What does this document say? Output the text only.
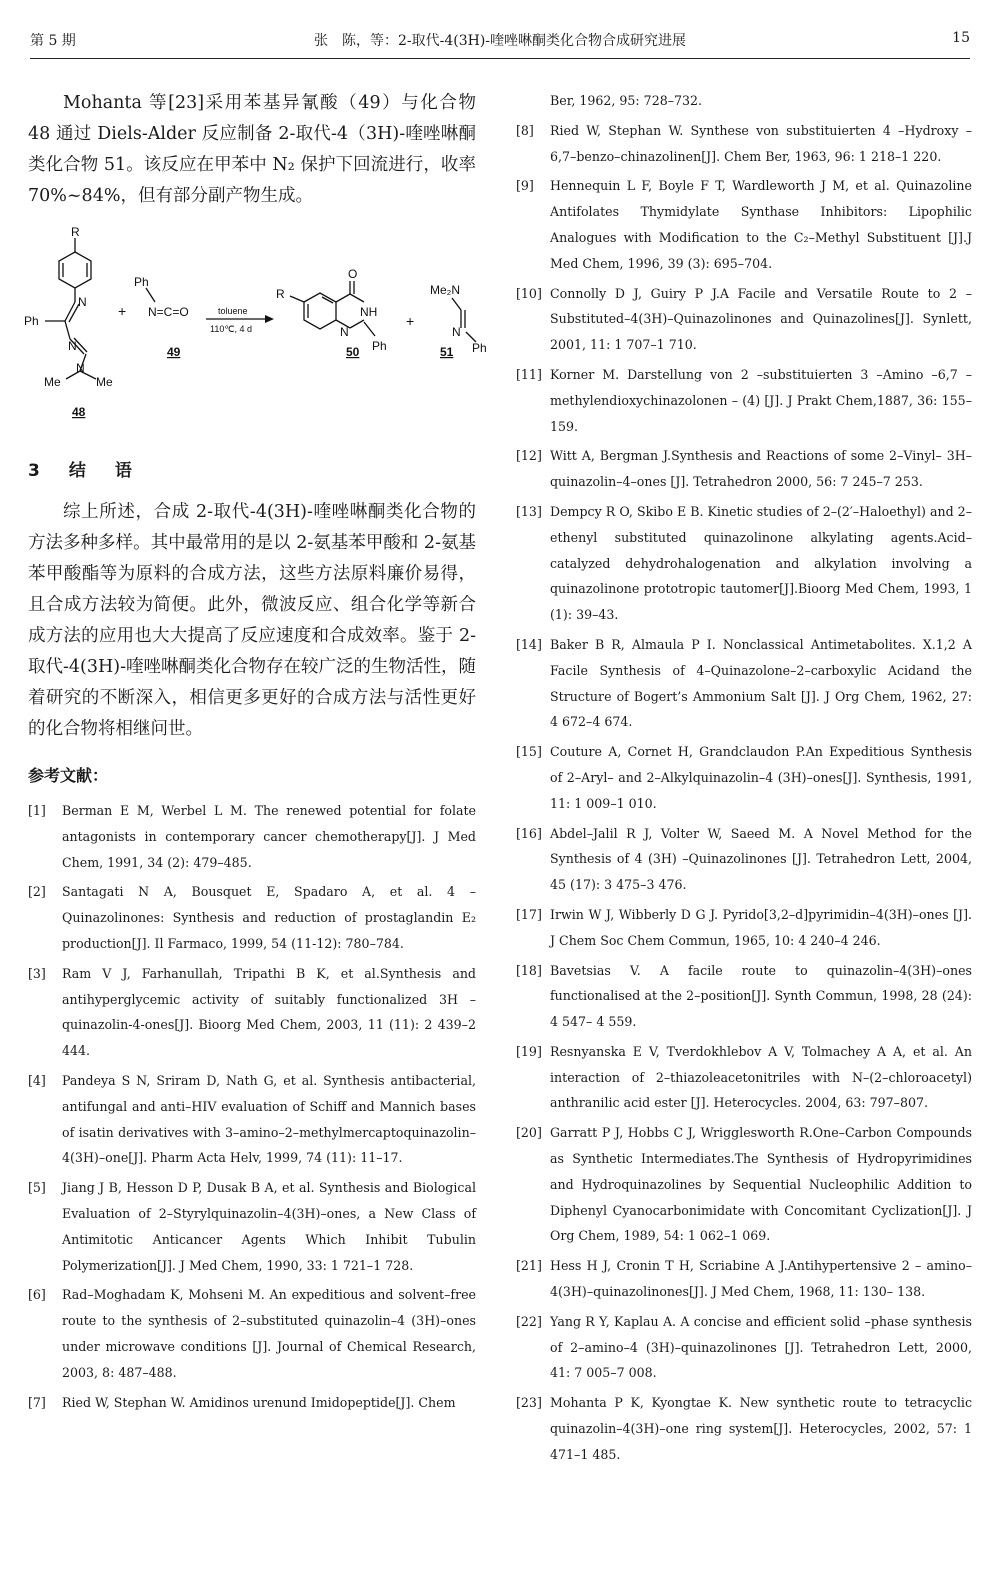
第 5 期	张　陈，等：2-取代-4(3H)-喹唑啉酮类化合物合成研究进展	15

Mohanta 等[23]采用苯基异氰酸（49）与化合物 48 通过 Diels-Alder 反应制备 2-取代-4（3H)-喹唑啉酮类化合物 51。该反应在甲苯中 N₂ 保护下回流进行，收率 70%~84%，但有部分副产物生成。

R
N
Ph
N
N
Me	Me
48
+
Ph
N=C=O
49
toluene
110℃, 4 d
O
NH
N
R
Ph
50
+
Me₂N
N
Ph
51
3　结　语

综上所述，合成 2-取代-4(3H)-喹唑啉酮类化合物的方法多种多样。其中最常用的是以 2-氨基苯甲酸和 2-氨基苯甲酸酯等为原料的合成方法，这些方法原料廉价易得，且合成方法较为简便。此外，微波反应、组合化学等新合成方法的应用也大大提高了反应速度和合成效率。鉴于 2-取代-4(3H)-喹唑啉酮类化合物存在较广泛的生物活性，随着研究的不断深入，相信更多更好的合成方法与活性更好的化合物将相继问世。

参考文献：
[1] Berman E M, Werbel L M. The renewed potential for folate antagonists in contemporary cancer chemotherapy[J]. J Med Chem, 1991, 34 (2): 479–485.
[2] Santagati N A, Bousquet E, Spadaro A, et al. 4 – Quinazolinones: Synthesis and reduction of prostaglandin E₂ production[J]. Il Farmaco, 1999, 54 (11-12): 780–784.
[3] Ram V J, Farhanullah, Tripathi B K, et al.Synthesis and antihyperglycemic activity of suitably functionalized 3H – quinazolin-4-ones[J]. Bioorg Med Chem, 2003, 11 (11): 2 439–2 444.
[4] Pandeya S N, Sriram D, Nath G, et al. Synthesis antibacterial, antifungal and anti–HIV evaluation of Schiff and Mannich bases of isatin derivatives with 3–amino–2–methylmercaptoquinazolin–4(3H)–one[J]. Pharm Acta Helv, 1999, 74 (11): 11–17.
[5] Jiang J B, Hesson D P, Dusak B A, et al. Synthesis and Biological Evaluation of 2–Styrylquinazolin–4(3H)–ones, a New Class of Antimitotic Anticancer Agents Which Inhibit Tubulin Polymerization[J]. J Med Chem, 1990, 33: 1 721–1 728.
[6] Rad–Moghadam K, Mohseni M. An expeditious and solvent–free route to the synthesis of 2–substituted quinazolin–4 (3H)–ones under microwave conditions [J]. Journal of Chemical Research, 2003, 8: 487–488.
[7] Ried W, Stephan W. Amidinos urenund Imidopeptide[J]. Chem
Ber, 1962, 95: 728–732.
[8] Ried W, Stephan W. Synthese von substituierten 4 –Hydroxy – 6,7–benzo–chinazolinen[J]. Chem Ber, 1963, 96: 1 218–1 220.
[9] Hennequin L F, Boyle F T, Wardleworth J M, et al. Quinazoline Antifolates Thymidylate Synthase Inhibitors: Lipophilic Analogues with Modification to the C₂–Methyl Substituent [J].J Med Chem, 1996, 39 (3): 695–704.
[10] Connolly D J, Guiry P J.A Facile and Versatile Route to 2 – Substituted–4(3H)–Quinazolinones and Quinazolines[J]. Synlett, 2001, 11: 1 707–1 710.
[11] Korner M. Darstellung von 2 –substituierten 3 –Amino –6,7 – methylendioxychinazolonen – (4) [J]. J Prakt Chem,1887, 36: 155–159.
[12] Witt A, Bergman J.Synthesis and Reactions of some 2–Vinyl– 3H–quinazolin–4–ones [J]. Tetrahedron 2000, 56: 7 245–7 253.
[13] Dempcy R O, Skibo E B. Kinetic studies of 2–(2′–Haloethyl) and 2–ethenyl substituted quinazolinone alkylating agents.Acid–catalyzed dehydrohalogenation and alkylation involving a quinazolinone prototropic tautomer[J].Bioorg Med Chem, 1993, 1 (1): 39–43.
[14] Baker B R, Almaula P I. Nonclassical Antimetabolites. X.1,2 A Facile Synthesis of 4–Quinazolone–2–carboxylic Acidand the Structure of Bogert’s Ammonium Salt [J]. J Org Chem, 1962, 27: 4 672–4 674.
[15] Couture A, Cornet H, Grandclaudon P.An Expeditious Synthesis of 2–Aryl– and 2–Alkylquinazolin–4 (3H)–ones[J]. Synthesis, 1991, 11: 1 009–1 010.
[16] Abdel–Jalil R J, Volter W, Saeed M. A Novel Method for the Synthesis of 4 (3H) –Quinazolinones [J]. Tetrahedron Lett, 2004, 45 (17): 3 475–3 476.
[17] Irwin W J, Wibberly D G J. Pyrido[3,2–d]pyrimidin–4(3H)–ones [J]. J Chem Soc Chem Commun, 1965, 10: 4 240–4 246.
[18] Bavetsias V. A facile route to quinazolin–4(3H)–ones functionalised at the 2–position[J]. Synth Commun, 1998, 28 (24): 4 547– 4 559.
[19] Resnyanska E V, Tverdokhlebov A V, Tolmachey A A, et al. An interaction of 2–thiazoleacetonitriles with N–(2–chloroacetyl) anthranilic acid ester [J]. Heterocycles. 2004, 63: 797–807.
[20] Garratt P J, Hobbs C J, Wrigglesworth R.One–Carbon Compounds as Synthetic Intermediates.The Synthesis of Hydropyrimidines and Hydroquinazolines by Sequential Nucleophilic Addition to Diphenyl Cyanocarbonimidate with Concomitant Cyclization[J]. J Org Chem, 1989, 54: 1 062–1 069.
[21] Hess H J, Cronin T H, Scriabine A J.Antihypertensive 2 – amino– 4(3H)–quinazolinones[J]. J Med Chem, 1968, 11: 130– 138.
[22] Yang R Y, Kaplau A. A concise and efficient solid –phase synthesis of 2–amino–4 (3H)–quinazolinones [J]. Tetrahedron Lett, 2000, 41: 7 005–7 008.
[23] Mohanta P K, Kyongtae K. New synthetic route to tetracyclic quinazolin–4(3H)–one ring system[J]. Heterocycles, 2002, 57: 1 471–1 485.
